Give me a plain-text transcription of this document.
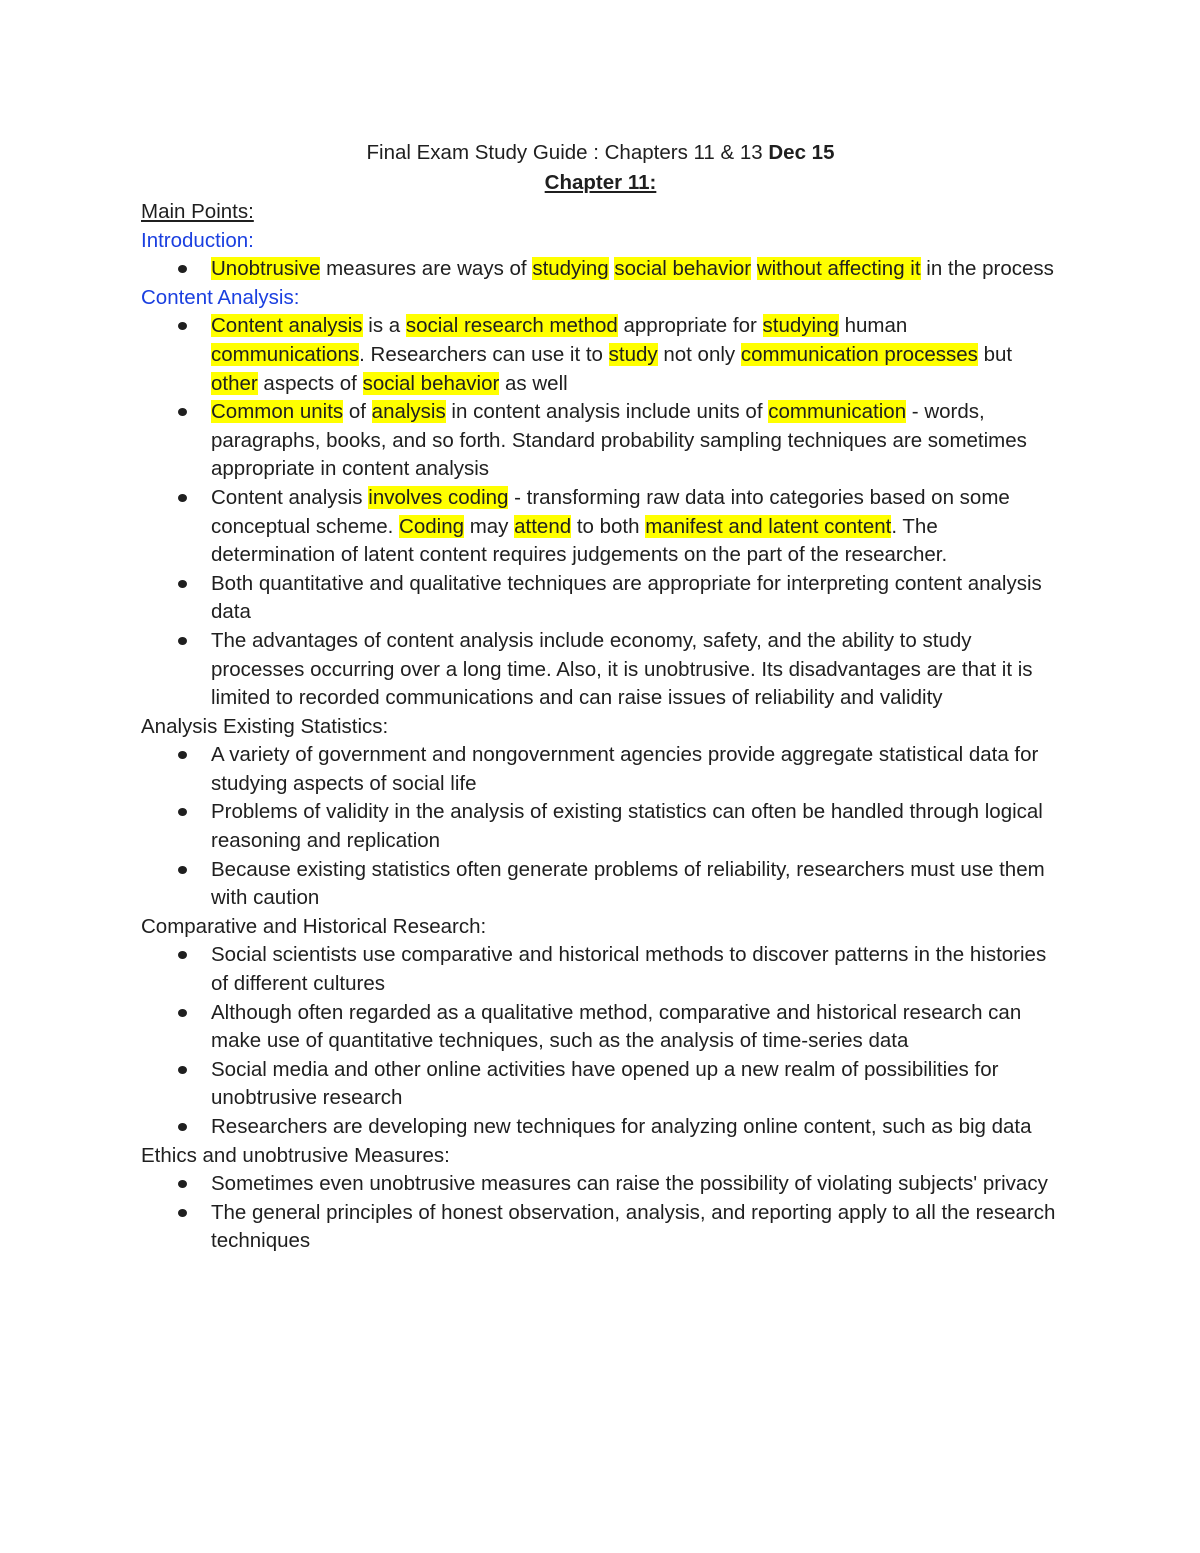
Final Exam Study Guide : Chapters 11 & 13 Dec 15

Chapter 11:

Main Points:

Introduction:

Unobtrusive measures are ways of studying social behavior without affecting it in the process

Content Analysis:

Content analysis is a social research method appropriate for studying human communications. Researchers can use it to study not only communication processes but other aspects of social behavior as well
Common units of analysis in content analysis include units of communication - words, paragraphs, books, and so forth. Standard probability sampling techniques are sometimes appropriate in content analysis
Content analysis involves coding - transforming raw data into categories based on some conceptual scheme. Coding may attend to both manifest and latent content. The determination of latent content requires judgements on the part of the researcher.
Both quantitative and qualitative techniques are appropriate for interpreting content analysis data
The advantages of content analysis include economy, safety, and the ability to study processes occurring over a long time. Also, it is unobtrusive. Its disadvantages are that it is limited to recorded communications and can raise issues of reliability and validity

Analysis Existing Statistics:

A variety of government and nongovernment agencies provide aggregate statistical data for studying aspects of social life
Problems of validity in the analysis of existing statistics can often be handled through logical reasoning and replication
Because existing statistics often generate problems of reliability, researchers must use them with caution

Comparative and Historical Research:

Social scientists use comparative and historical methods to discover patterns in the histories of different cultures
Although often regarded as a qualitative method, comparative and historical research can make use of quantitative techniques, such as the analysis of time-series data
Social media and other online activities have opened up a new realm of possibilities for unobtrusive research
Researchers are developing new techniques for analyzing online content, such as big data

Ethics and unobtrusive Measures:

Sometimes even unobtrusive measures can raise the possibility of violating subjects' privacy
The general principles of honest observation, analysis, and reporting apply to all the research techniques
